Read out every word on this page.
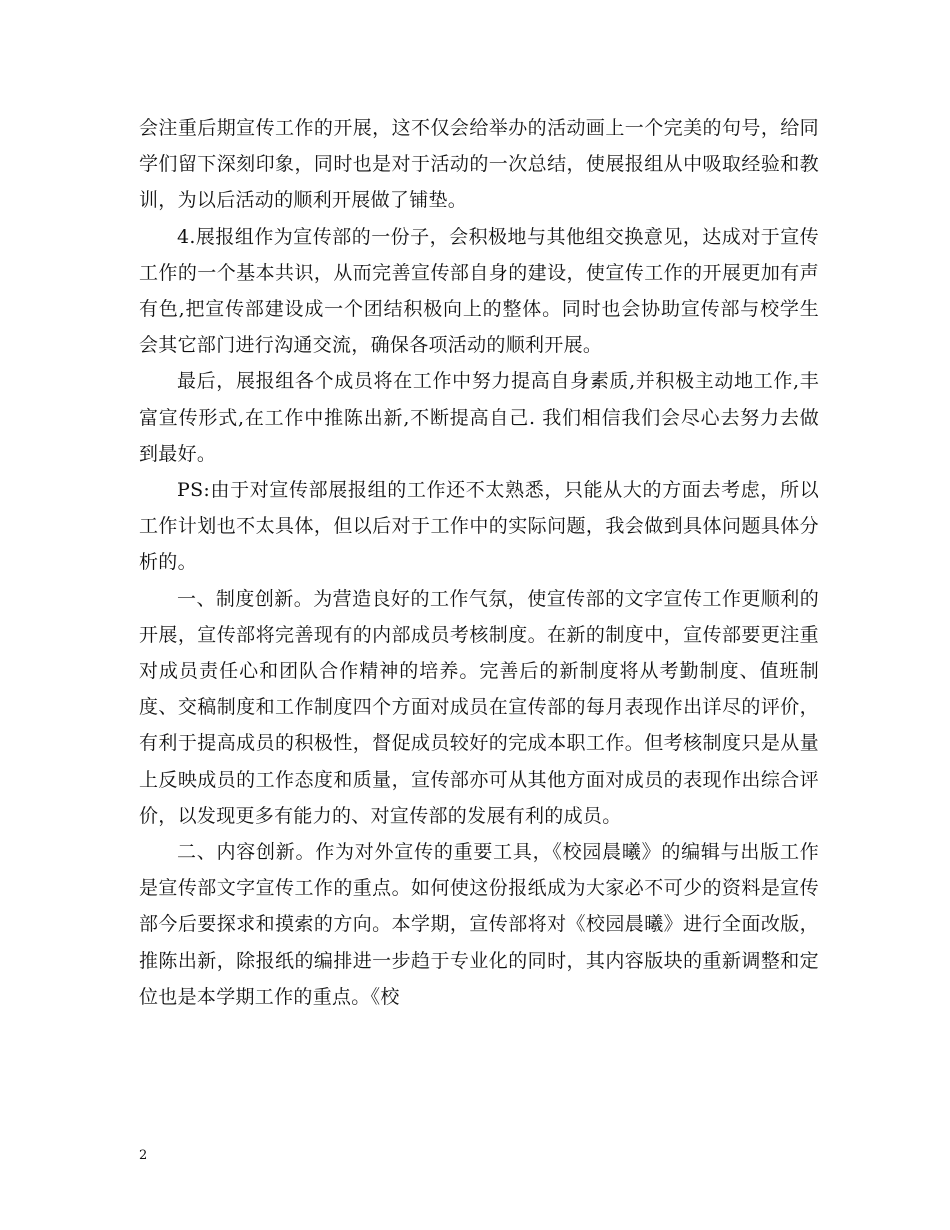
会注重后期宣传工作的开展，这不仅会给举办的活动画上一个完美的句号，给同学们留下深刻印象，同时也是对于活动的一次总结，使展报组从中吸取经验和教训，为以后活动的顺利开展做了铺垫。

4.展报组作为宣传部的一份子，会积极地与其他组交换意见，达成对于宣传工作的一个基本共识，从而完善宣传部自身的建设，使宣传工作的开展更加有声有色,把宣传部建设成一个团结积极向上的整体。同时也会协助宣传部与校学生会其它部门进行沟通交流，确保各项活动的顺利开展。

最后，展报组各个成员将在工作中努力提高自身素质,并积极主动地工作,丰富宣传形式,在工作中推陈出新,不断提高自己. 我们相信我们会尽心去努力去做到最好。

PS:由于对宣传部展报组的工作还不太熟悉，只能从大的方面去考虑，所以工作计划也不太具体，但以后对于工作中的实际问题，我会做到具体问题具体分析的。

一、制度创新。为营造良好的工作气氛，使宣传部的文字宣传工作更顺利的开展，宣传部将完善现有的内部成员考核制度。在新的制度中，宣传部要更注重对成员责任心和团队合作精神的培养。完善后的新制度将从考勤制度、值班制度、交稿制度和工作制度四个方面对成员在宣传部的每月表现作出详尽的评价，有利于提高成员的积极性，督促成员较好的完成本职工作。但考核制度只是从量上反映成员的工作态度和质量，宣传部亦可从其他方面对成员的表现作出综合评价，以发现更多有能力的、对宣传部的发展有利的成员。

二、内容创新。作为对外宣传的重要工具，《校园晨曦》的编辑与出版工作是宣传部文字宣传工作的重点。如何使这份报纸成为大家必不可少的资料是宣传部今后要探求和摸索的方向。本学期，宣传部将对《校园晨曦》进行全面改版，推陈出新，除报纸的编排进一步趋于专业化的同时，其内容版块的重新调整和定位也是本学期工作的重点。《校

2
